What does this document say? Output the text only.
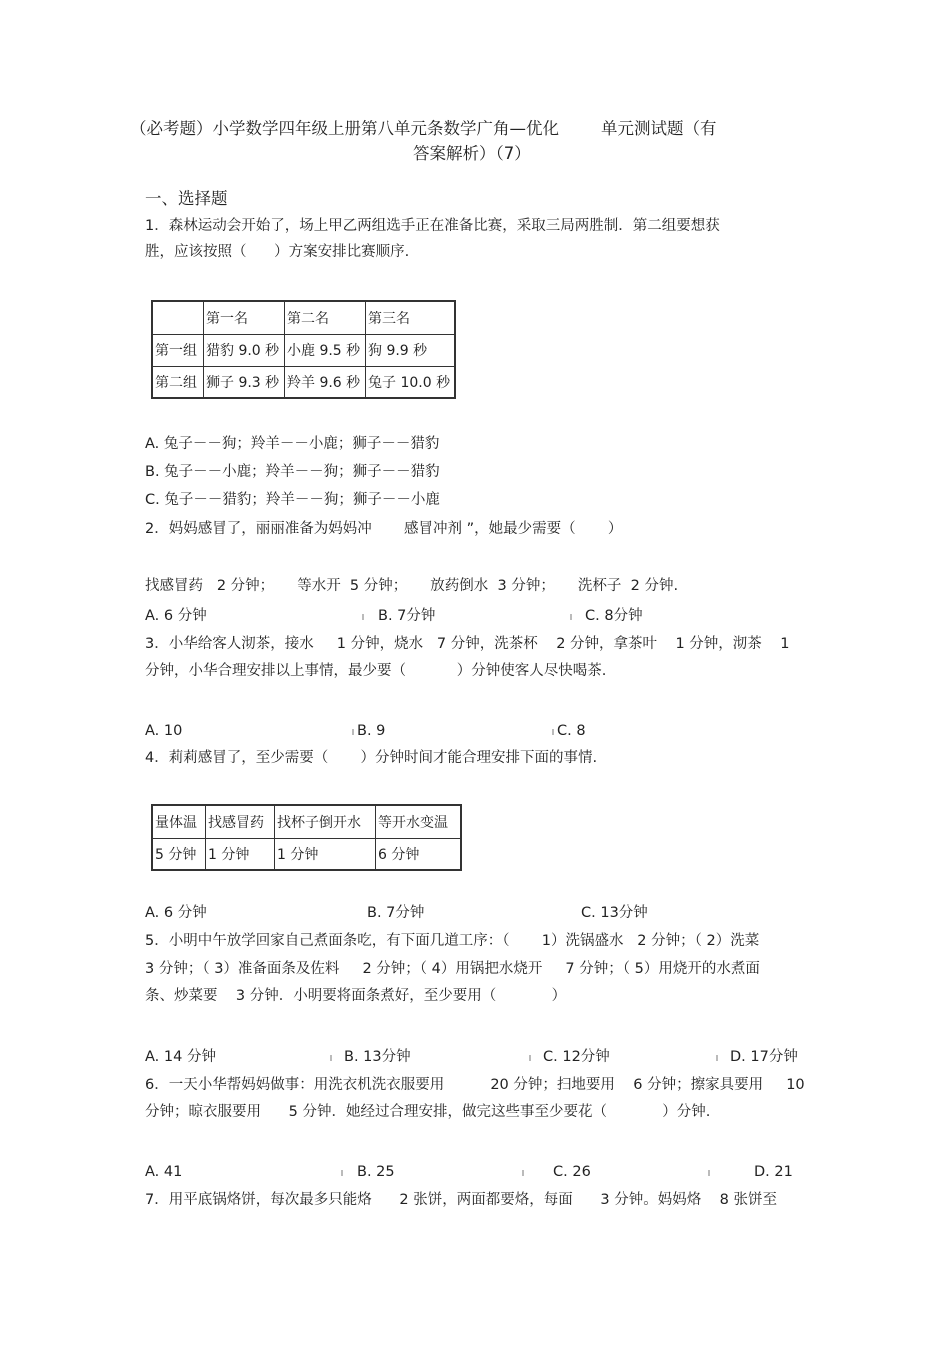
（必考题）小学数学四年级上册第八单元条数学广角—优化        单元测试题（有
答案解析）（7）
一、选择题
1．森林运动会开始了，场上甲乙两组选手正在准备比赛，采取三局两胜制．第二组要想获
胜，应该按照（      ）方案安排比赛顺序.
	第一名	第二名	第三名
第一组	猎豹 9.0 秒	小鹿 9.5 秒	狗 9.9 秒
第二组	狮子 9.3 秒	羚羊 9.6 秒	兔子 10.0 秒
A. 兔子－－狗；羚羊－－小鹿；狮子－－猎豹
B. 兔子－－小鹿；羚羊－－狗；狮子－－猎豹
C. 兔子－－猎豹；羚羊－－狗；狮子－－小鹿
2．妈妈感冒了，丽丽准备为妈妈冲       感冒冲剂 ”，她最少需要（       ）
找感冒药   2 分钟；     等水开  5 分钟；     放药倒水  3 分钟；     洗杯子  2 分钟.
A. 6 分钟	B. 7分钟	C. 8分钟
3．小华给客人沏茶，接水     1 分钟，烧水   7 分钟，洗茶杯    2 分钟，拿茶叶    1 分钟，沏茶    1
分钟，小华合理安排以上事情，最少要（           ）分钟使客人尽快喝茶.
A. 10	B. 9	C. 8
4．莉莉感冒了，至少需要（       ）分钟时间才能合理安排下面的事情.
量体温	找感冒药	找杯子倒开水	等开水变温
5 分钟	1 分钟	1 分钟	6 分钟
A. 6 分钟	B. 7分钟	C. 13分钟
5．小明中午放学回家自己煮面条吃，有下面几道工序：（       1）洗锅盛水   2 分钟；（ 2）洗菜
3 分钟；（ 3）准备面条及佐料     2 分钟；（ 4）用锅把水烧开     7 分钟；（ 5）用烧开的水煮面
条、炒菜要    3 分钟．小明要将面条煮好，至少要用（            ）
A. 14 分钟	B. 13分钟	C. 12分钟	D. 17分钟
6．一天小华帮妈妈做事：用洗衣机洗衣服要用          20 分钟；扫地要用    6 分钟；擦家具要用     10
分钟；晾衣服要用      5 分钟．她经过合理安排，做完这些事至少要花（            ）分钟.
A. 41	B. 25	C. 26	D. 21
7．用平底锅烙饼，每次最多只能烙      2 张饼，两面都要烙，每面      3 分钟。妈妈烙    8 张饼至
